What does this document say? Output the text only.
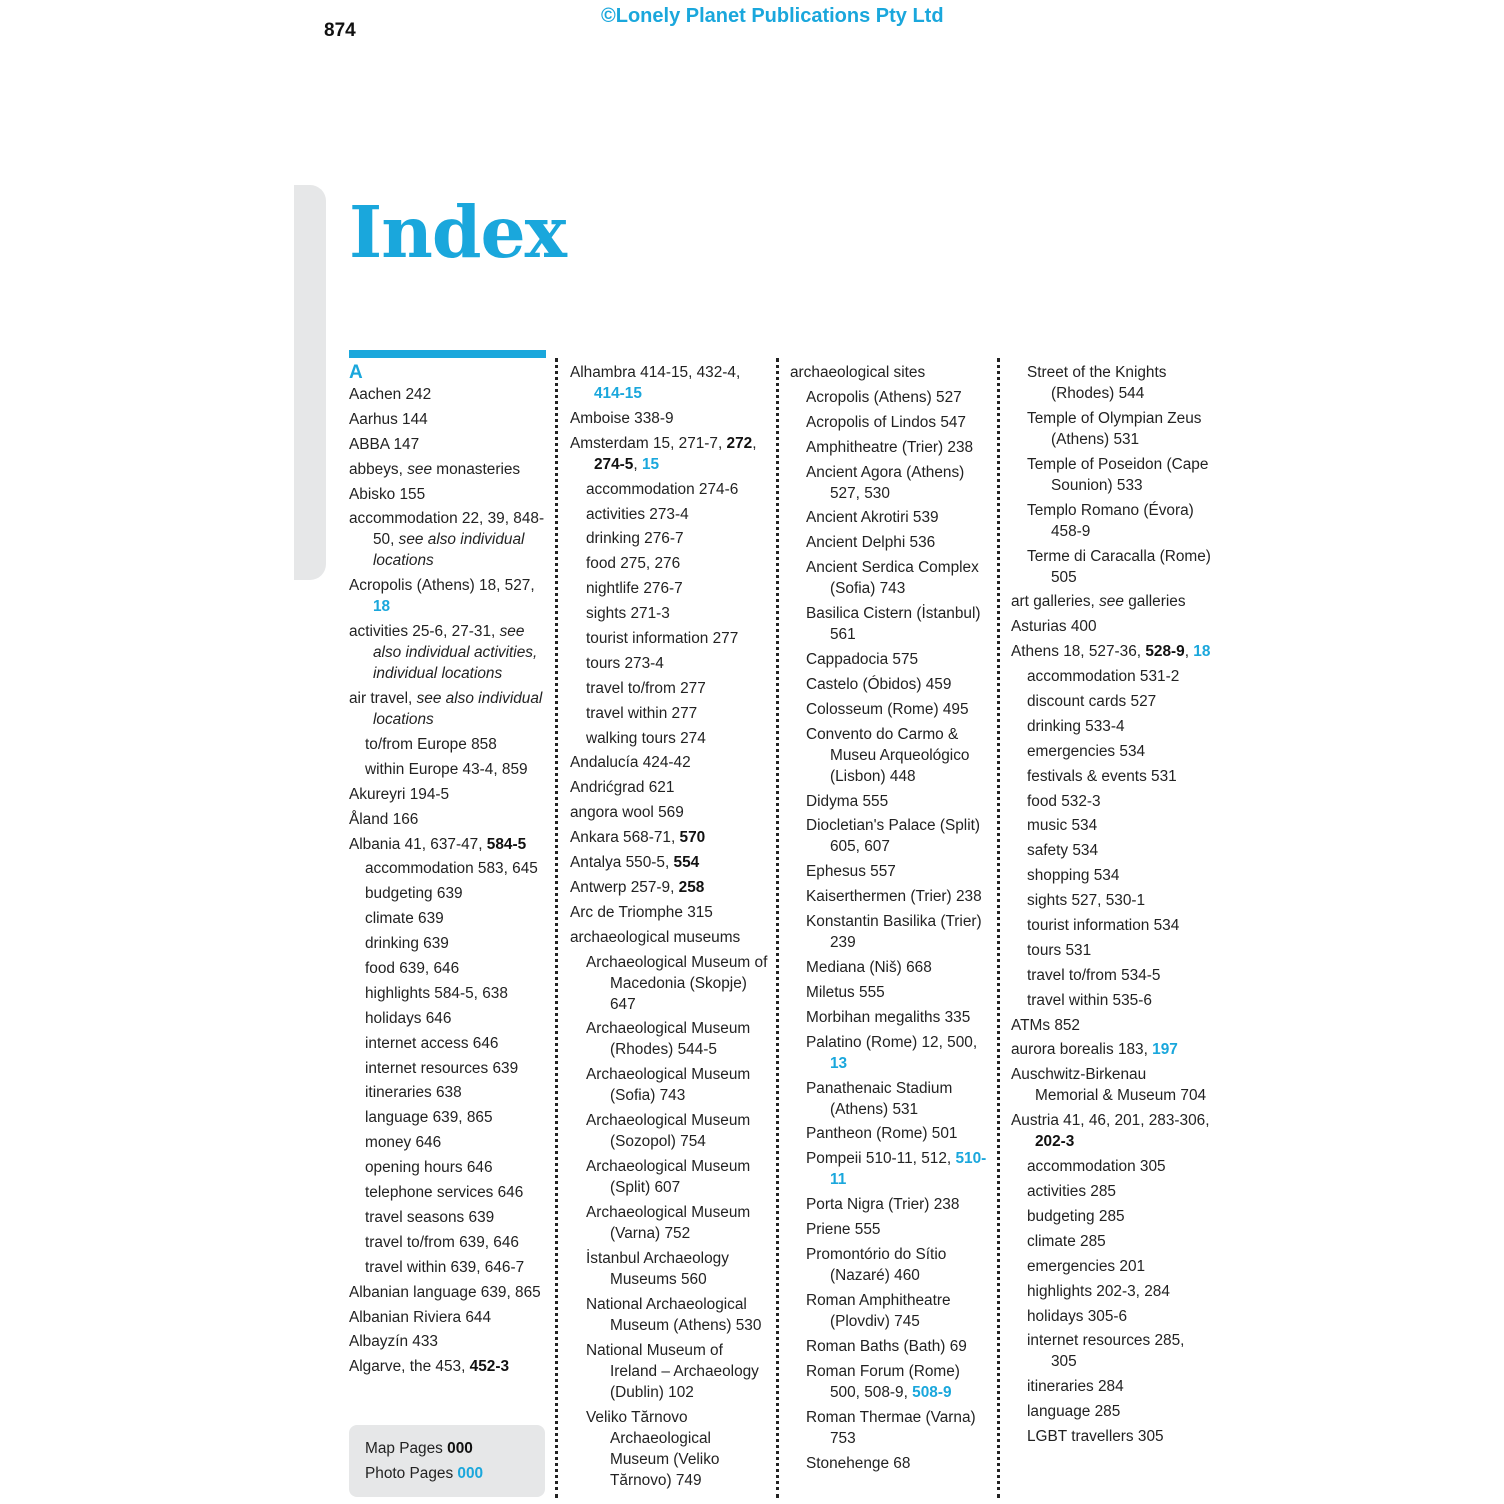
874
©Lonely Planet Publications Pty Ltd
Index
A
Aachen 242
Aarhus 144
ABBA 147
abbeys, see monasteries
Abisko 155
accommodation 22, 39, 848-50, see also individual locations
Acropolis (Athens) 18, 527, 18
activities 25-6, 27-31, see also individual activities, individual locations
air travel, see also individual locations
to/from Europe 858
within Europe 43-4, 859
Akureyri 194-5
Åland 166
Albania 41, 637-47, 584-5
accommodation 583, 645
budgeting 639
climate 639
drinking 639
food 639, 646
highlights 584-5, 638
holidays 646
internet access 646
internet resources 639
itineraries 638
language 639, 865
money 646
opening hours 646
telephone services 646
travel seasons 639
travel to/from 639, 646
travel within 639, 646-7
Albanian language 639, 865
Albanian Riviera 644
Albayzín 433
Algarve, the 453, 452-3
Alhambra 414-15, 432-4, 414-15
Amboise 338-9
Amsterdam 15, 271-7, 272, 274-5, 15
accommodation 274-6
activities 273-4
drinking 276-7
food 275, 276
nightlife 276-7
sights 271-3
tourist information 277
tours 273-4
travel to/from 277
travel within 277
walking tours 274
Andalucía 424-42
Andrićgrad 621
angora wool 569
Ankara 568-71, 570
Antalya 550-5, 554
Antwerp 257-9, 258
Arc de Triomphe 315
archaeological museums
Archaeological Museum of Macedonia (Skopje) 647
Archaeological Museum (Rhodes) 544-5
Archaeological Museum (Sofia) 743
Archaeological Museum (Sozopol) 754
Archaeological Museum (Split) 607
Archaeological Museum (Varna) 752
İstanbul Archaeology Museums 560
National Archaeological Museum (Athens) 530
National Museum of Ireland – Archaeology (Dublin) 102
Veliko Tărnovo Archaeological Museum (Veliko Tărnovo) 749
archaeological sites
Acropolis (Athens) 527
Acropolis of Lindos 547
Amphitheatre (Trier) 238
Ancient Agora (Athens) 527, 530
Ancient Akrotiri 539
Ancient Delphi 536
Ancient Serdica Complex (Sofia) 743
Basilica Cistern (İstanbul) 561
Cappadocia 575
Castelo (Óbidos) 459
Colosseum (Rome) 495
Convento do Carmo & Museu Arqueológico (Lisbon) 448
Didyma 555
Diocletian's Palace (Split) 605, 607
Ephesus 557
Kaiserthermen (Trier) 238
Konstantin Basilika (Trier) 239
Mediana (Niš) 668
Miletus 555
Morbihan megaliths 335
Palatino (Rome) 12, 500, 13
Panathenaic Stadium (Athens) 531
Pantheon (Rome) 501
Pompeii 510-11, 512, 510-11
Porta Nigra (Trier) 238
Priene 555
Promontório do Sítio (Nazaré) 460
Roman Amphitheatre (Plovdiv) 745
Roman Baths (Bath) 69
Roman Forum (Rome) 500, 508-9, 508-9
Roman Thermae (Varna) 753
Stonehenge 68
Street of the Knights (Rhodes) 544
Temple of Olympian Zeus (Athens) 531
Temple of Poseidon (Cape Sounion) 533
Templo Romano (Évora) 458-9
Terme di Caracalla (Rome) 505
art galleries, see galleries
Asturias 400
Athens 18, 527-36, 528-9, 18
accommodation 531-2
discount cards 527
drinking 533-4
emergencies 534
festivals & events 531
food 532-3
music 534
safety 534
shopping 534
sights 527, 530-1
tourist information 534
tours 531
travel to/from 534-5
travel within 535-6
ATMs 852
aurora borealis 183, 197
Auschwitz-Birkenau Memorial & Museum 704
Austria 41, 46, 201, 283-306, 202-3
accommodation 305
activities 285
budgeting 285
climate 285
emergencies 201
highlights 202-3, 284
holidays 305-6
internet resources 285, 305
itineraries 284
language 285
LGBT travellers 305
Map Pages 000
Photo Pages 000
